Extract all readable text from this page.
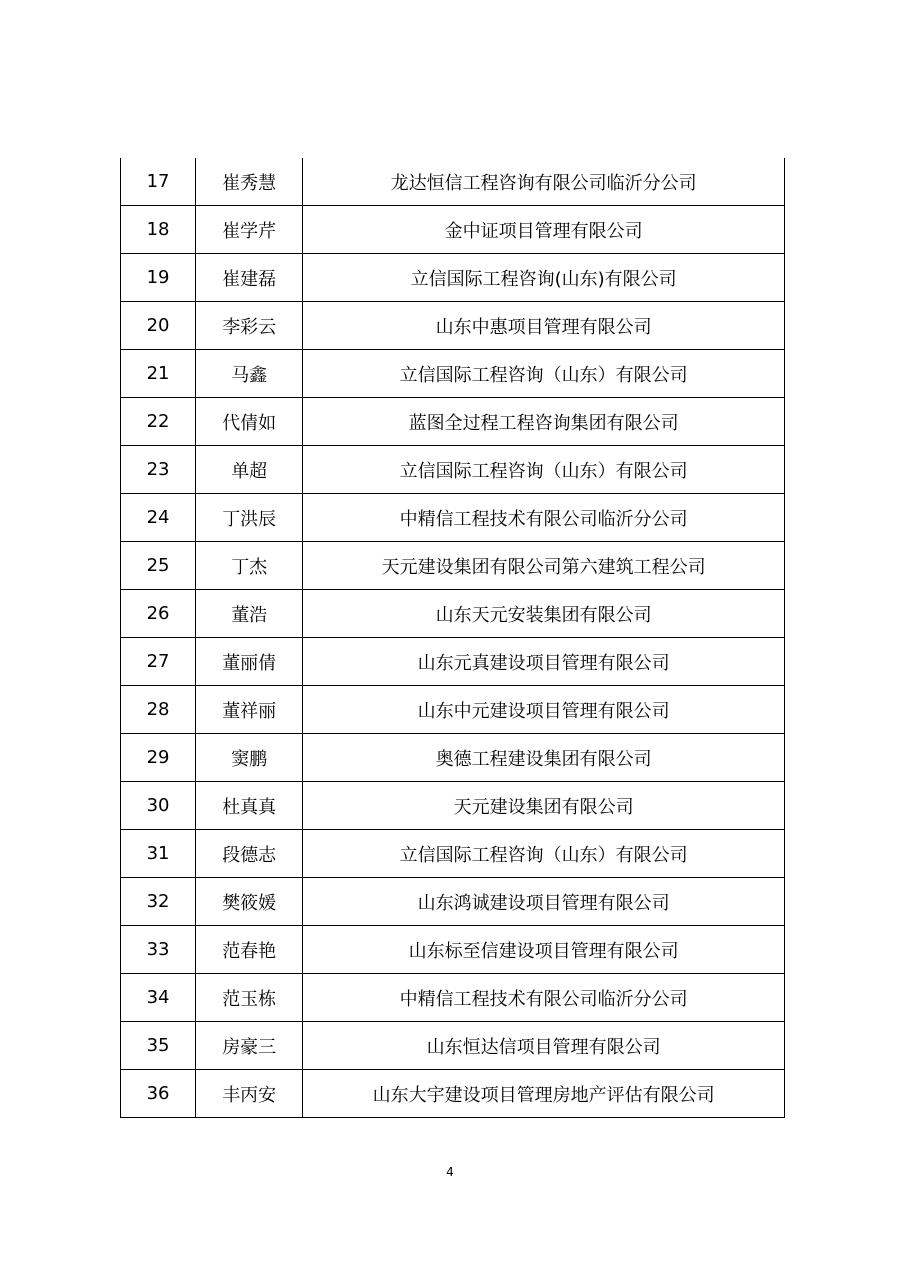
17	崔秀慧	龙达恒信工程咨询有限公司临沂分公司
18	崔学芹	金中证项目管理有限公司
19	崔建磊	立信国际工程咨询(山东)有限公司
20	李彩云	山东中惠项目管理有限公司
21	马鑫	立信国际工程咨询（山东）有限公司
22	代倩如	蓝图全过程工程咨询集团有限公司
23	单超	立信国际工程咨询（山东）有限公司
24	丁洪辰	中精信工程技术有限公司临沂分公司
25	丁杰	天元建设集团有限公司第六建筑工程公司
26	董浩	山东天元安装集团有限公司
27	董丽倩	山东元真建设项目管理有限公司
28	董祥丽	山东中元建设项目管理有限公司
29	窦鹏	奥德工程建设集团有限公司
30	杜真真	天元建设集团有限公司
31	段德志	立信国际工程咨询（山东）有限公司
32	樊筱媛	山东鸿诚建设项目管理有限公司
33	范春艳	山东标至信建设项目管理有限公司
34	范玉栋	中精信工程技术有限公司临沂分公司
35	房豪三	山东恒达信项目管理有限公司
36	丰丙安	山东大宇建设项目管理房地产评估有限公司
4
